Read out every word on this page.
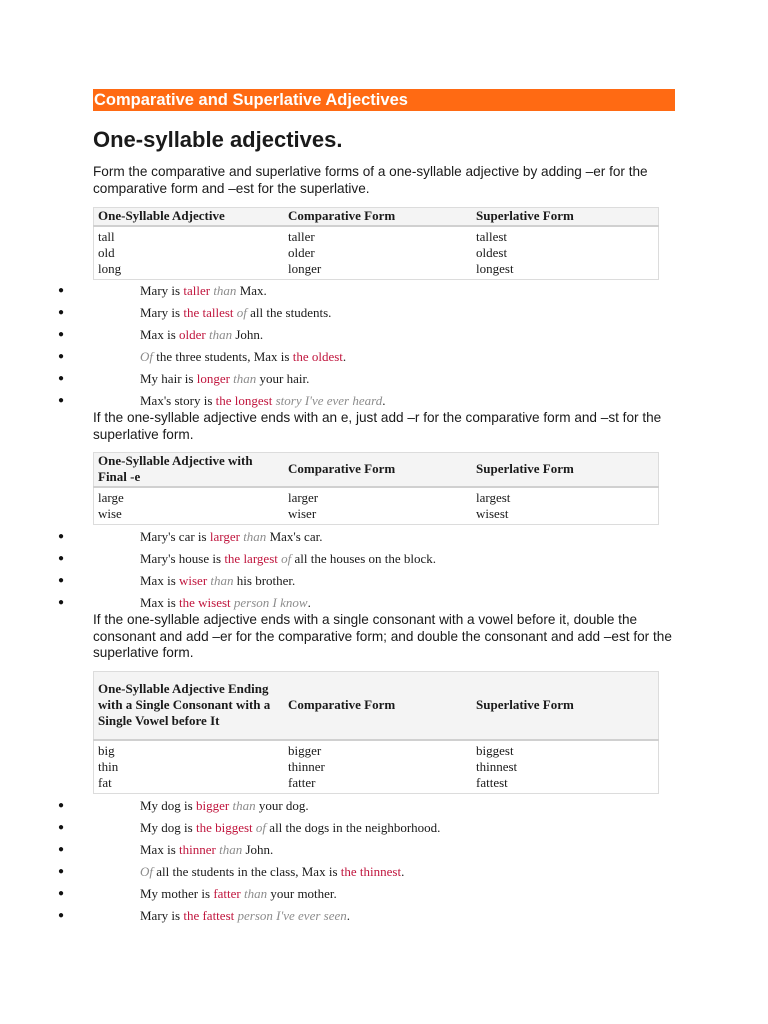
Comparative and Superlative Adjectives
One-syllable adjectives.

Form the comparative and superlative forms of a one-syllable adjective by adding –er for the comparative form and –est for the superlative.

One-Syllable Adjective	Comparative Form	Superlative Form
tall	taller	tallest
old	older	oldest
long	longer	longest
●	Mary is taller than Max.
●	Mary is the tallest of all the students.
●	Max is older than John.
●	Of the three students, Max is the oldest.
●	My hair is longer than your hair.
●	Max's story is the longest story I've ever heard.

If the one-syllable adjective ends with an e, just add –r for the comparative form and –st for the superlative form.

One-Syllable Adjective with Final -e	Comparative Form	Superlative Form
large	larger	largest
wise	wiser	wisest
●	Mary's car is larger than Max's car.
●	Mary's house is the largest of all the houses on the block.
●	Max is wiser than his brother.
●	Max is the wisest person I know.

If the one-syllable adjective ends with a single consonant with a vowel before it, double the consonant and add –er for the comparative form; and double the consonant and add –est for the superlative form.

One-Syllable Adjective Ending with a Single Consonant with a Single Vowel before It	Comparative Form	Superlative Form
big	bigger	biggest
thin	thinner	thinnest
fat	fatter	fattest
●	My dog is bigger than your dog.
●	My dog is the biggest of all the dogs in the neighborhood.
●	Max is thinner than John.
●	Of all the students in the class, Max is the thinnest.
●	My mother is fatter than your mother.
●	Mary is the fattest person I've ever seen.
